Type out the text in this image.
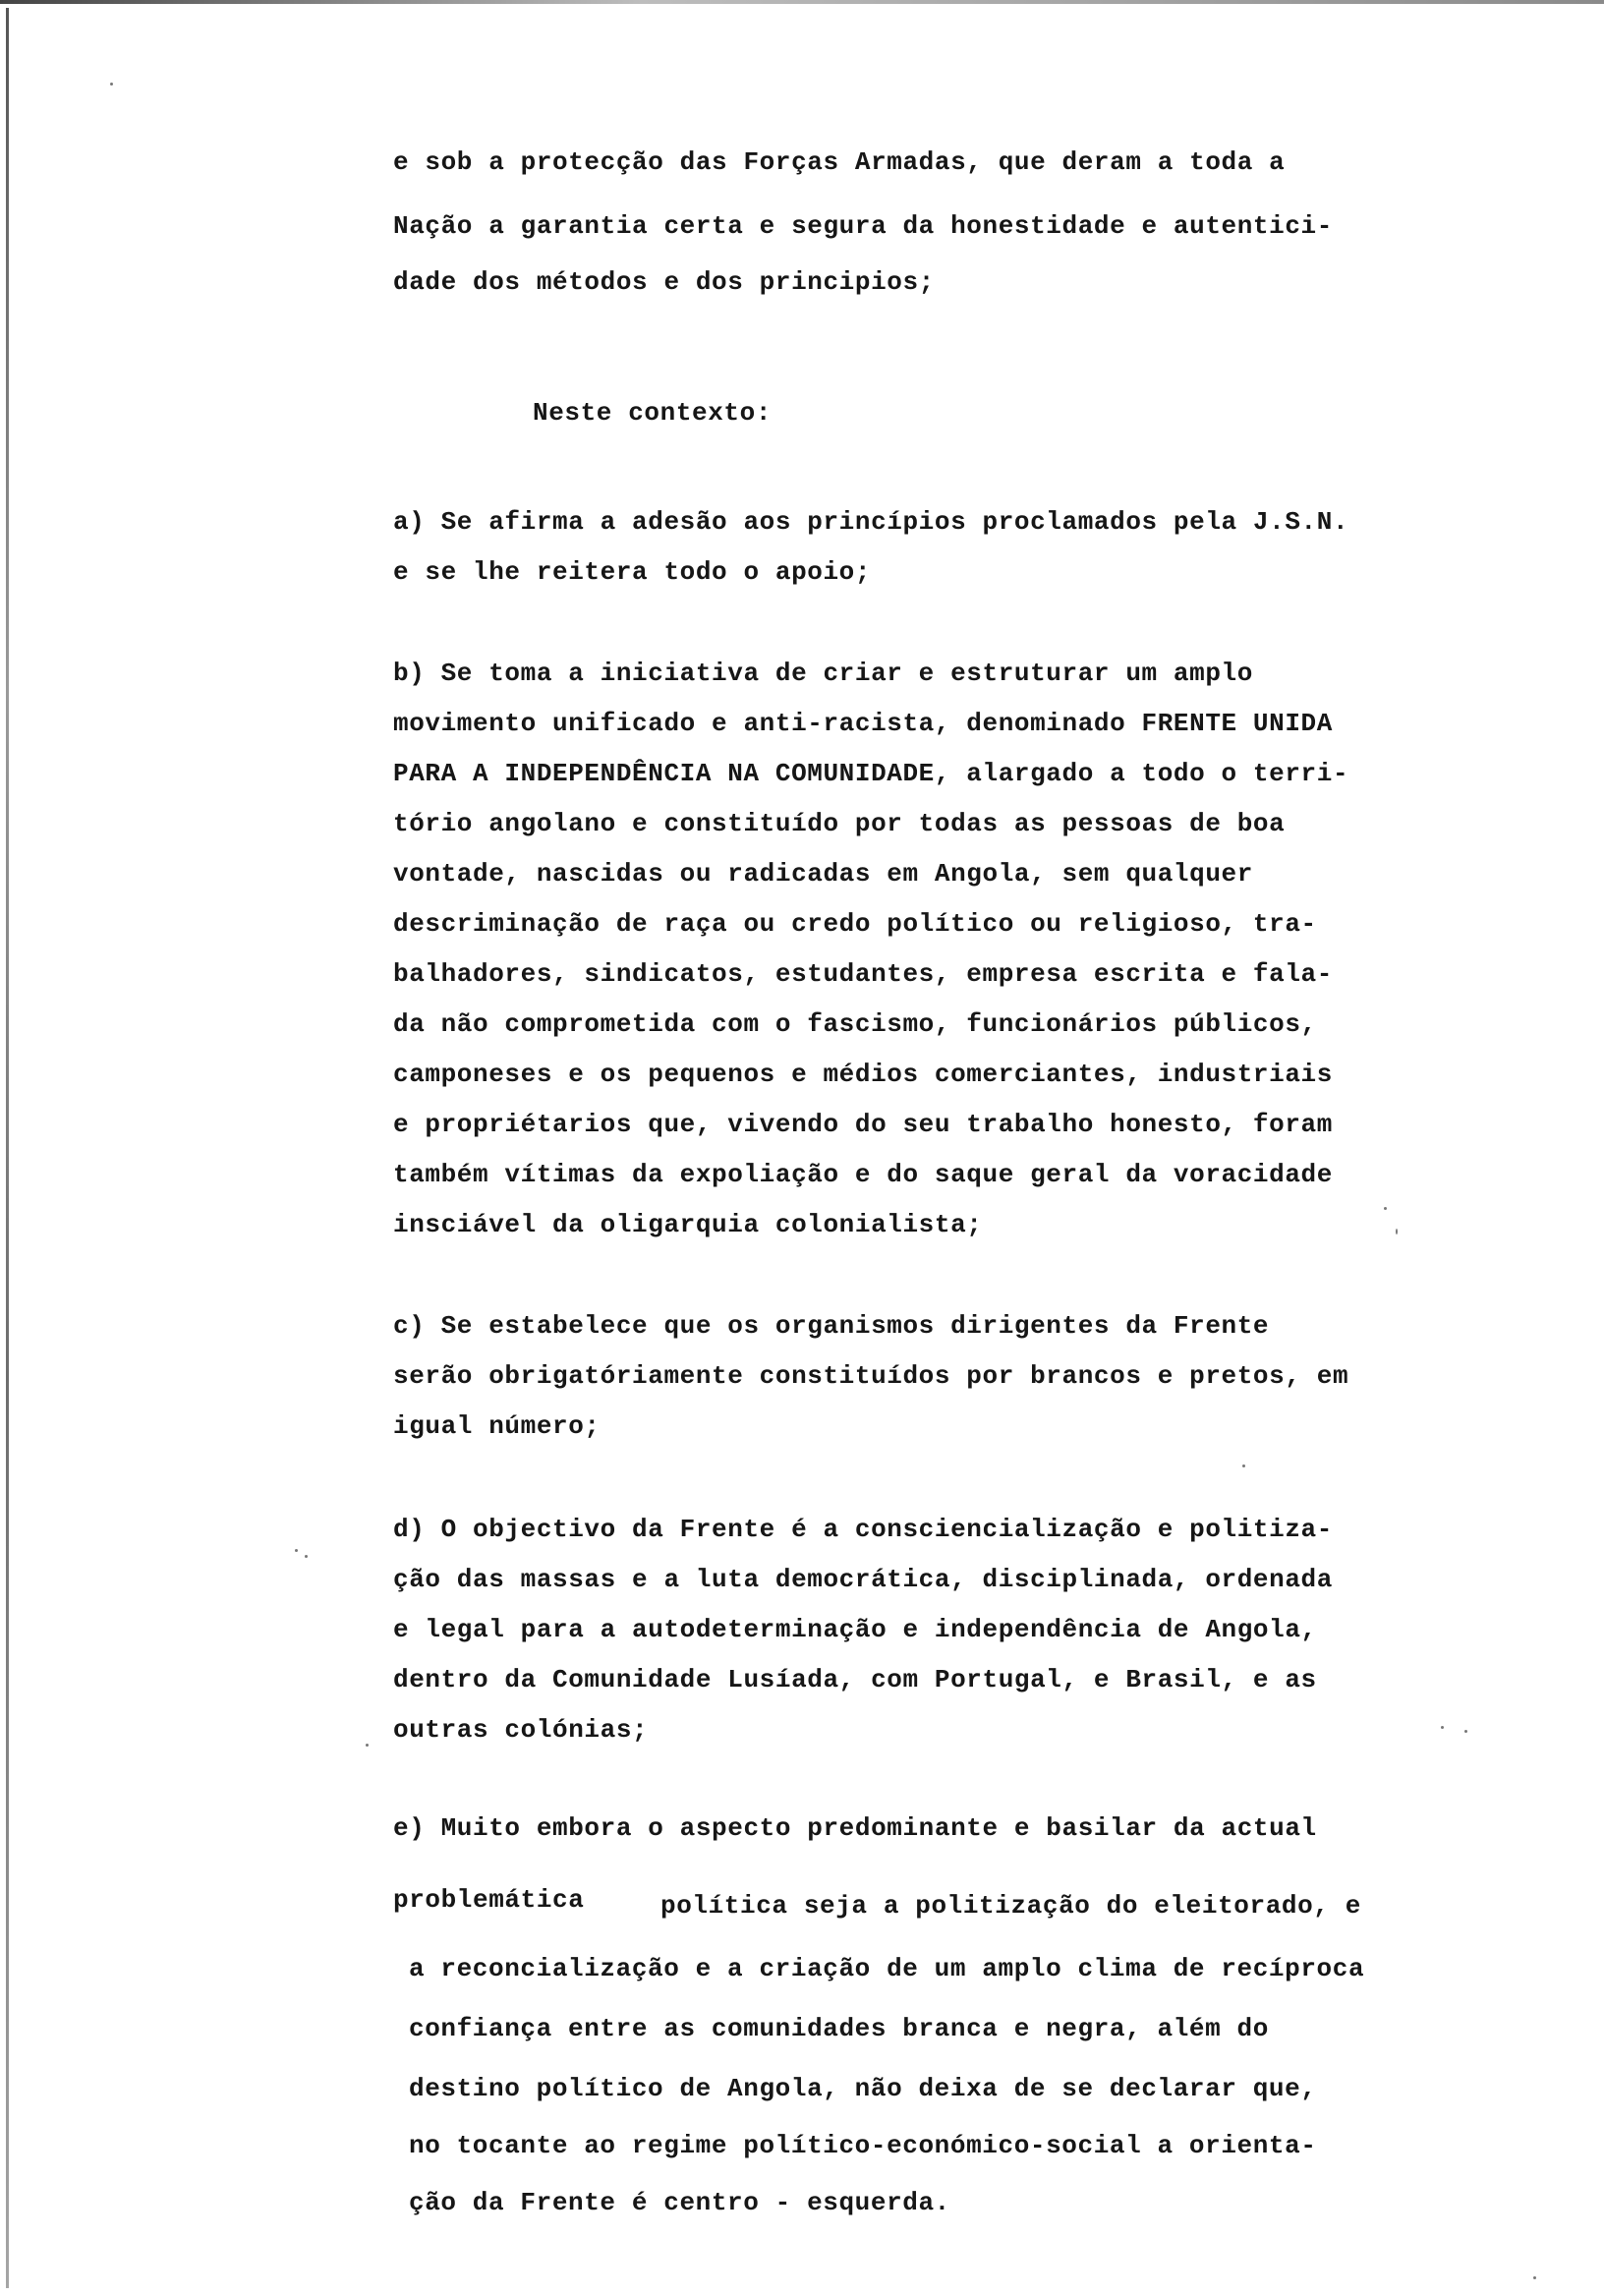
e sob a protecção das Forças Armadas, que deram a toda a

Nação a garantia certa e segura da honestidade e autentici-

dade dos métodos e dos principios;

Neste contexto:

a) Se afirma a adesão aos princípios proclamados pela J.S.N.
e se lhe reitera todo o apoio;
b) Se toma a iniciativa de criar e estruturar um amplo
movimento unificado e anti-racista, denominado FRENTE UNIDA
PARA A INDEPENDÊNCIA NA COMUNIDADE, alargado a todo o terri-
tório angolano e constituído por todas as pessoas de boa
vontade, nascidas ou radicadas em Angola, sem qualquer
descriminação de raça ou credo político ou religioso, tra-
balhadores, sindicatos, estudantes, empresa escrita e fala-
da não comprometida com o fascismo, funcionários públicos,
camponeses e os pequenos e médios comerciantes, industriais
e propriétarios que, vivendo do seu trabalho honesto, foram
também vítimas da expoliação e do saque geral da voracidade
insciável da oligarquia colonialista;
c) Se estabelece que os organismos dirigentes da Frente
serão obrigatóriamente constituídos por brancos e pretos, em
igual número;
d) O objectivo da Frente é a consciencialização e politiza-
ção das massas e a luta democrática, disciplinada, ordenada
e legal para a autodeterminação e independência de Angola,
dentro da Comunidade Lusíada, com Portugal, e Brasil, e as
outras colónias;

e) Muito embora o aspecto predominante e basilar da actual

problemática	política seja a politização do eleitorado, e

a reconcialização e a criação de um amplo clima de recíproca
confiança entre as comunidades branca e negra, além do
destino político de Angola, não deixa de se declarar que,
no tocante ao regime político-económico-social a orienta-
ção da Frente é centro - esquerda.
